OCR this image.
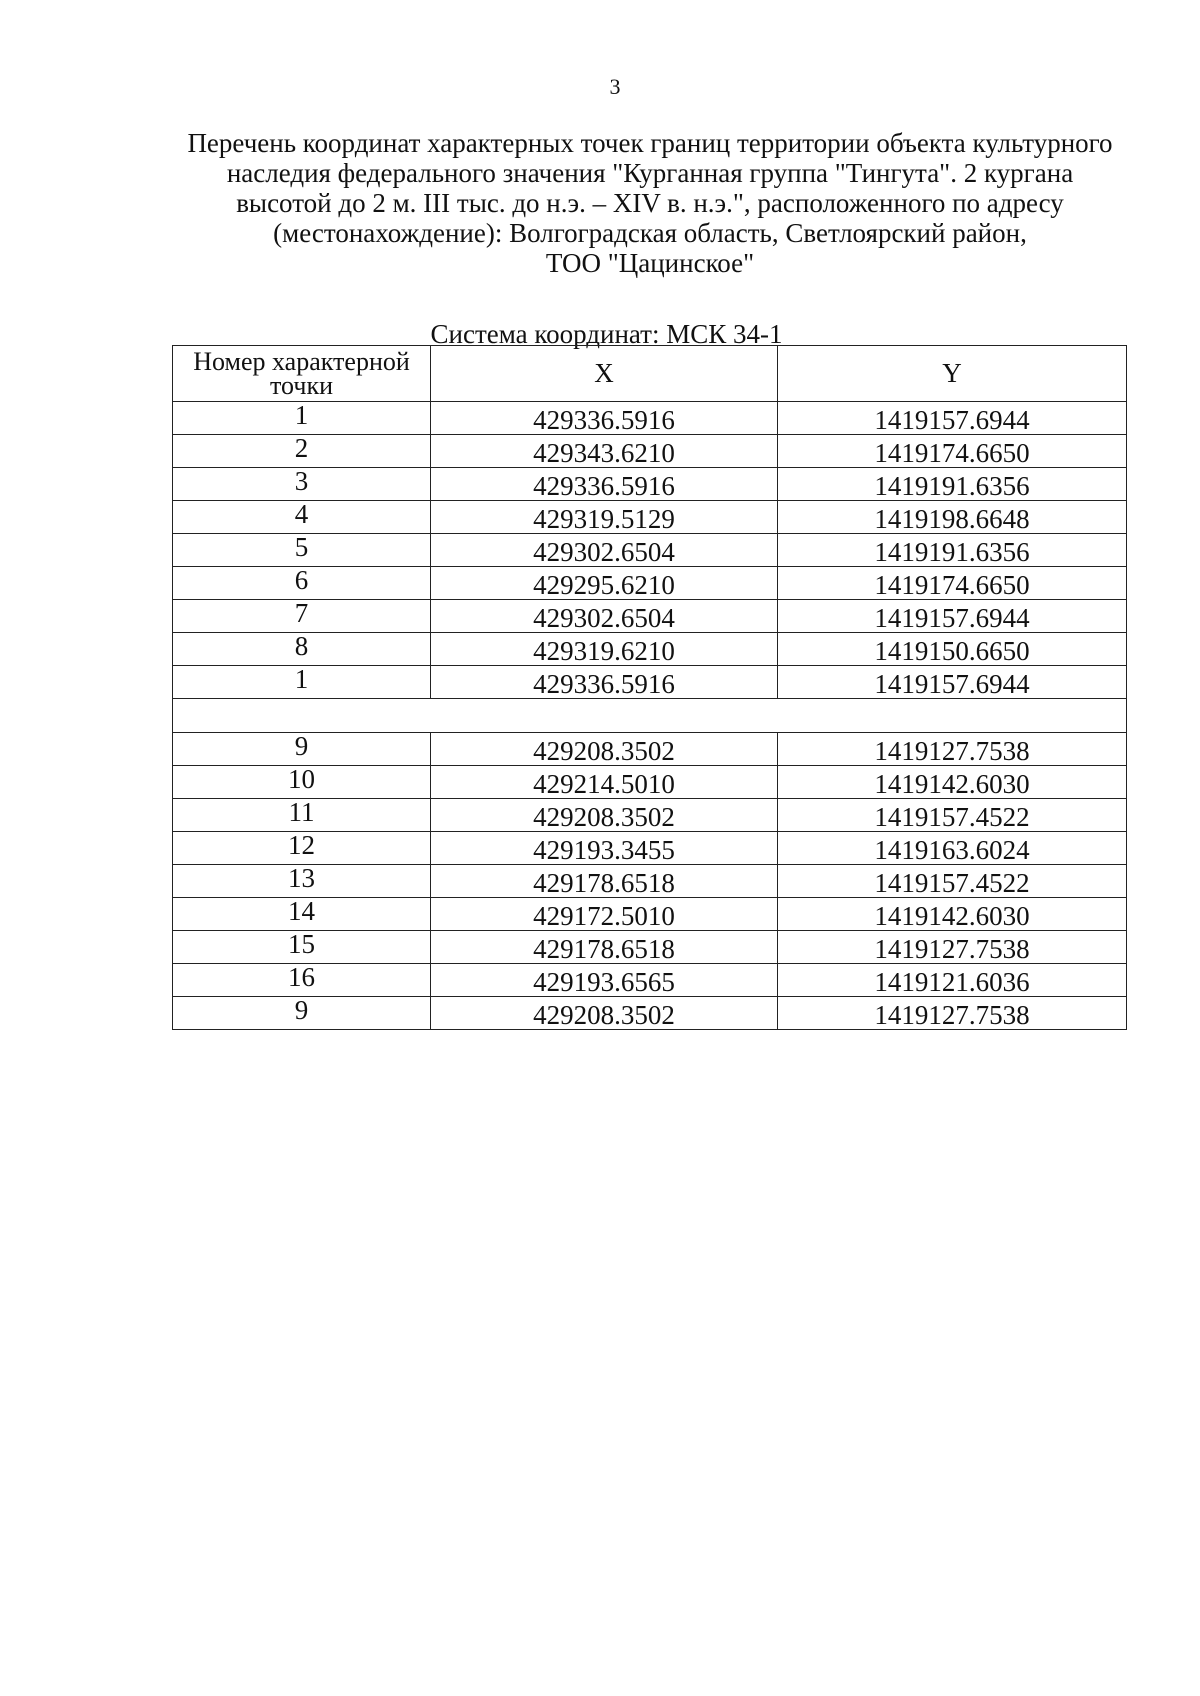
3
Перечень координат характерных точек границ территории объекта культурного
наследия федерального значения "Курганная группа "Тингута". 2 кургана
высотой до 2 м. III тыс. до н.э. – XIV в. н.э.", расположенного по адресу
(местонахождение): Волгоградская область, Светлоярский район,
ТОО "Цацинское"
Система координат: МСК 34-1
Номер характерной точки	X	Y
1	429336.5916	1419157.6944
2	429343.6210	1419174.6650
3	429336.5916	1419191.6356
4	429319.5129	1419198.6648
5	429302.6504	1419191.6356
6	429295.6210	1419174.6650
7	429302.6504	1419157.6944
8	429319.6210	1419150.6650
1	429336.5916	1419157.6944

9	429208.3502	1419127.7538
10	429214.5010	1419142.6030
11	429208.3502	1419157.4522
12	429193.3455	1419163.6024
13	429178.6518	1419157.4522
14	429172.5010	1419142.6030
15	429178.6518	1419127.7538
16	429193.6565	1419121.6036
9	429208.3502	1419127.7538
